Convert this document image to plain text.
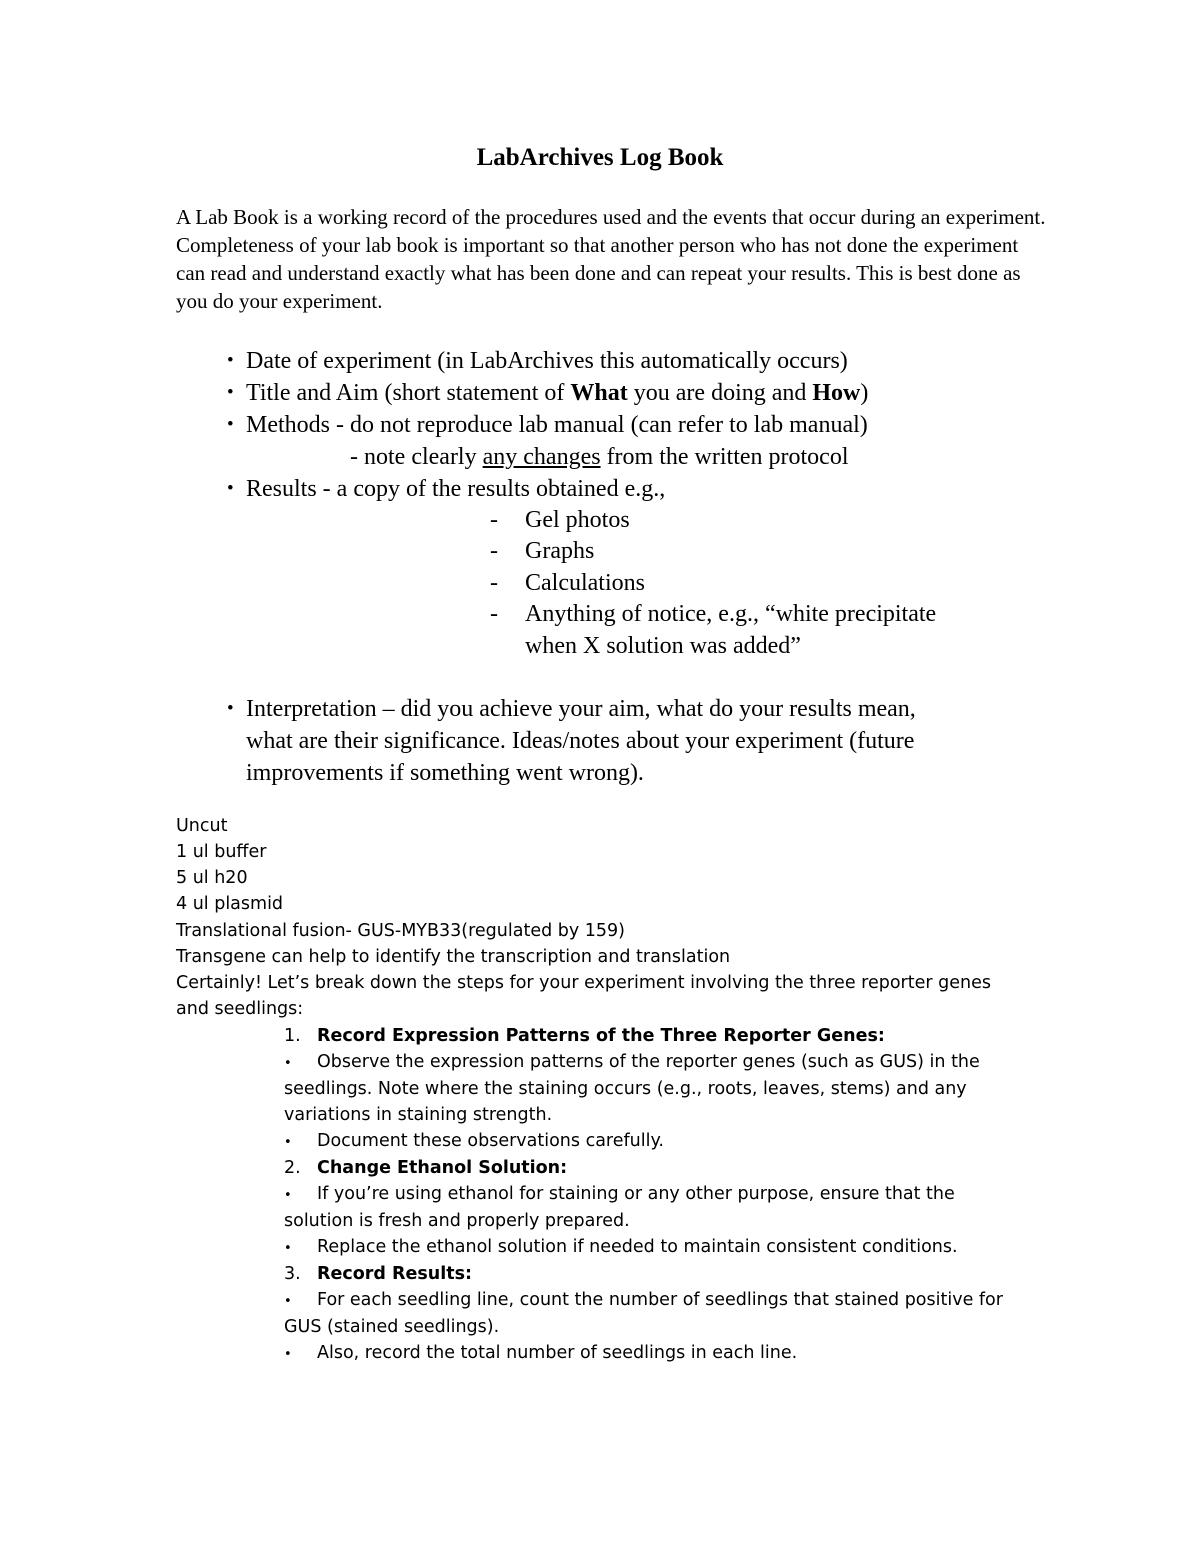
LabArchives Log Book
A Lab Book is a working record of the procedures used and the events that occur during an experiment. Completeness of your lab book is important so that another person who has not done the experiment can read and understand exactly what has been done and can repeat your results. This is best done as you do your experiment.
• Date of experiment (in LabArchives this automatically occurs)
• Title and Aim (short statement of What you are doing and How)
• Methods - do not reproduce lab manual (can refer to lab manual)
- note clearly any changes from the written protocol
• Results - a copy of the results obtained e.g.,
- Gel photos
- Graphs
- Calculations
- Anything of notice, e.g., “white precipitate
when X solution was added”
• Interpretation – did you achieve your aim, what do your results mean,
what are their significance. Ideas/notes about your experiment (future
improvements if something went wrong).
Uncut
1 ul buffer
5 ul h20
4 ul plasmid
Translational fusion- GUS-MYB33(regulated by 159)
Transgene can help to identify the transcription and translation
Certainly! Let’s break down the steps for your experiment involving the three reporter genes
and seedlings:
1. Record Expression Patterns of the Three Reporter Genes:
• Observe the expression patterns of the reporter genes (such as GUS) in the
seedlings. Note where the staining occurs (e.g., roots, leaves, stems) and any
variations in staining strength.
• Document these observations carefully.
2. Change Ethanol Solution:
• If you’re using ethanol for staining or any other purpose, ensure that the
solution is fresh and properly prepared.
• Replace the ethanol solution if needed to maintain consistent conditions.
3. Record Results:
• For each seedling line, count the number of seedlings that stained positive for
GUS (stained seedlings).
• Also, record the total number of seedlings in each line.
